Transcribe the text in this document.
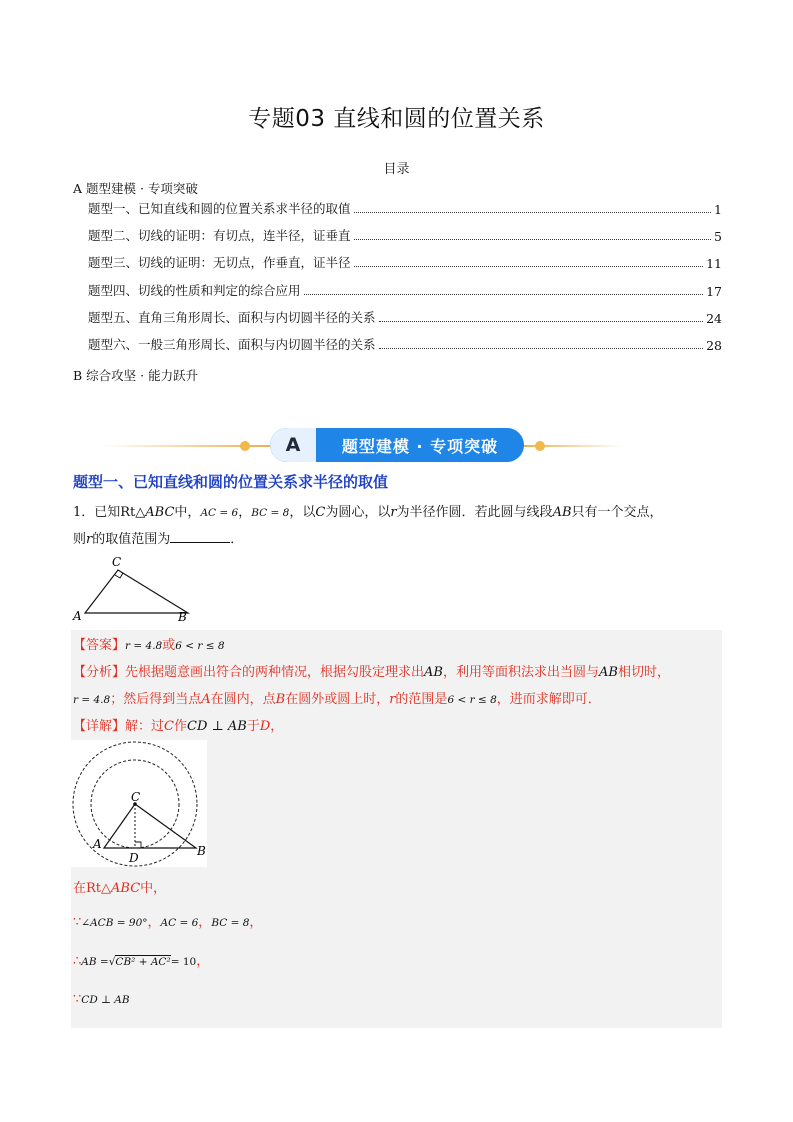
专题03 直线和圆的位置关系
目录
A 题型建模 · 专项突破
题型一、已知直线和圆的位置关系求半径的取值	1
题型二、切线的证明：有切点，连半径，证垂直	5
题型三、切线的证明：无切点，作垂直，证半径	11
题型四、切线的性质和判定的综合应用	17
题型五、直角三角形周长、面积与内切圆半径的关系	24
题型六、一般三角形周长、面积与内切圆半径的关系	28
B 综合攻坚 · 能力跃升
A	题型建模 · 专项突破
题型一、已知直线和圆的位置关系求半径的取值
1．已知Rt△ABC中，AC = 6，BC = 8，以C为圆心，以r为半径作圆．若此圆与线段AB只有一个交点，
则r的取值范围为	．
C
A	B
【答案】r = 4.8或6 < r ≤ 8
【分析】先根据题意画出符合的两种情况，根据勾股定理求出AB，利用等面积法求出当圆与AB相切时，
r = 4.8；然后得到当点A在圆内，点B在圆外或圆上时，r的范围是6 < r ≤ 8，进而求解即可．
【详解】解：过C作CD ⊥ AB于D，
C
A	B
D
在Rt△ABC中，
∵∠ACB = 90°，AC = 6，BC = 8，
∴AB =√CB² + AC²= 10，
∵CD ⊥ AB
